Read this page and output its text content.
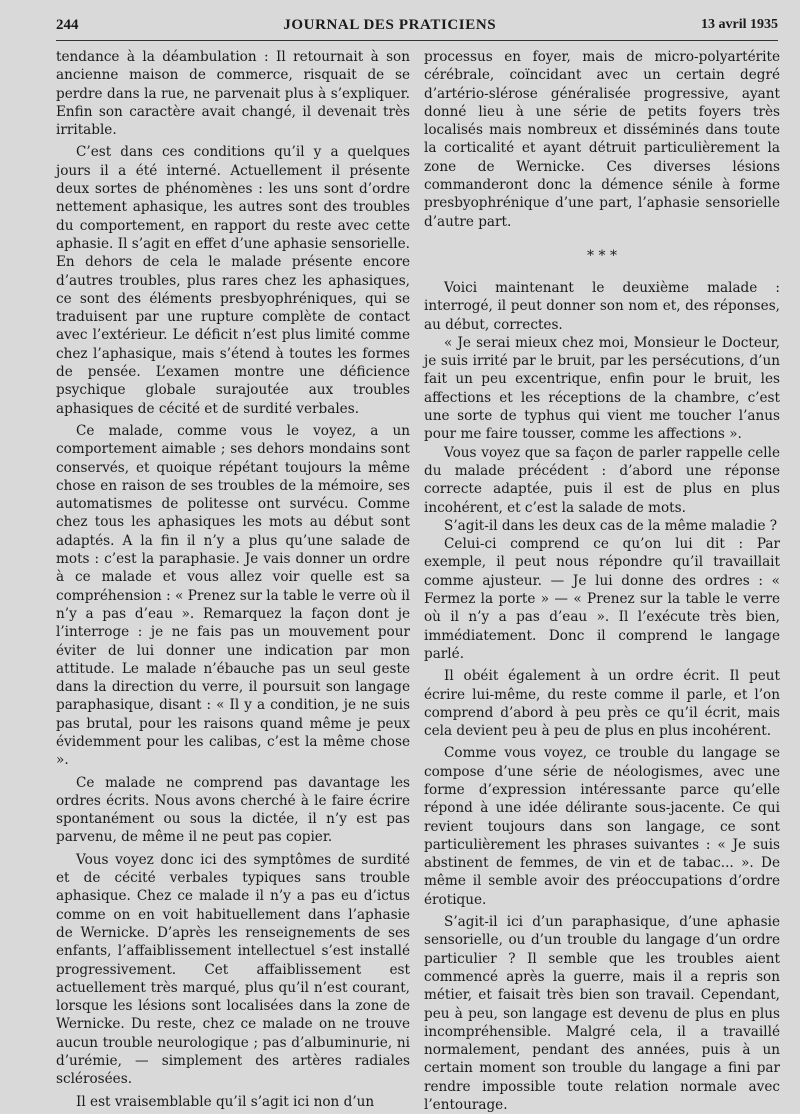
244	JOURNAL DES PRATICIENS	13 avril 1935

tendance à la déambulation : Il retournait à son ancienne maison de commerce, risquait de se perdre dans la rue, ne parvenait plus à s’expliquer. Enfin son caractère avait changé, il devenait très irritable.

C’est dans ces conditions qu’il y a quelques jours il a été interné. Actuellement il présente deux sortes de phénomènes : les uns sont d’ordre nettement aphasique, les autres sont des troubles du comportement, en rapport du reste avec cette aphasie. Il s’agit en effet d’une aphasie sensorielle. En dehors de cela le malade présente encore d’autres troubles, plus rares chez les aphasiques, ce sont des éléments presbyophréniques, qui se traduisent par une rupture complète de contact avec l’extérieur. Le déficit n’est plus limité comme chez l’aphasique, mais s’étend à toutes les formes de pensée. L’examen montre une déficience psychique globale surajoutée aux troubles aphasiques de cécité et de surdité verbales.

Ce malade, comme vous le voyez, a un comportement aimable ; ses dehors mondains sont conservés, et quoique répétant toujours la même chose en raison de ses troubles de la mémoire, ses automatismes de politesse ont survécu. Comme chez tous les aphasiques les mots au début sont adaptés. A la fin il n’y a plus qu’une salade de mots : c’est la paraphasie. Je vais donner un ordre à ce malade et vous allez voir quelle est sa compréhension : « Prenez sur la table le verre où il n’y a pas d’eau ». Remarquez la façon dont je l’interroge : je ne fais pas un mouvement pour éviter de lui donner une indication par mon attitude. Le malade n’ébauche pas un seul geste dans la direction du verre, il poursuit son langage paraphasique, disant : « Il y a condition, je ne suis pas brutal, pour les raisons quand même je peux évidemment pour les calibas, c’est la même chose ».

Ce malade ne comprend pas davantage les ordres écrits. Nous avons cherché à le faire écrire spontanément ou sous la dictée, il n’y est pas parvenu, de même il ne peut pas copier.

Vous voyez donc ici des symptômes de surdité et de cécité verbales typiques sans trouble aphasique. Chez ce malade il n’y a pas eu d’ictus comme on en voit habituellement dans l’aphasie de Wernicke. D’après les renseignements de ses enfants, l’affaiblissement intellectuel s’est installé progressivement. Cet affaiblissement est actuellement très marqué, plus qu’il n’est courant, lorsque les lésions sont localisées dans la zone de Wernicke. Du reste, chez ce malade on ne trouve aucun trouble neurologique ; pas d’albuminurie, ni d’urémie, — simplement des artères radiales sclérosées.

Il est vraisemblable qu’il s’agit ici non d’un

processus en foyer, mais de micro-polyartérite cérébrale, coïncidant avec un certain degré d’artério-slérose généralisée progressive, ayant donné lieu à une série de petits foyers très localisés mais nombreux et disséminés dans toute la corticalité et ayant détruit particulièrement la zone de Wernicke. Ces diverses lésions commanderont donc la démence sénile à forme presbyophrénique d’une part, l’aphasie sensorielle d’autre part.

* * *

Voici maintenant le deuxième malade : interrogé, il peut donner son nom et, des réponses, au début, correctes.

« Je serai mieux chez moi, Monsieur le Docteur, je suis irrité par le bruit, par les persécutions, d’un fait un peu excentrique, enfin pour le bruit, les affections et les réceptions de la chambre, c’est une sorte de typhus qui vient me toucher l’anus pour me faire tousser, comme les affections ».

Vous voyez que sa façon de parler rappelle celle du malade précédent : d’abord une réponse correcte adaptée, puis il est de plus en plus incohérent, et c’est la salade de mots.

S’agit-il dans les deux cas de la même maladie ?

Celui-ci comprend ce qu’on lui dit : Par exemple, il peut nous répondre qu’il travaillait comme ajusteur. — Je lui donne des ordres : « Fermez la porte » — « Prenez sur la table le verre où il n’y a pas d’eau ». Il l’exécute très bien, immédiatement. Donc il comprend le langage parlé.

Il obéit également à un ordre écrit. Il peut écrire lui-même, du reste comme il parle, et l’on comprend d’abord à peu près ce qu’il écrit, mais cela devient peu à peu de plus en plus incohérent.

Comme vous voyez, ce trouble du langage se compose d’une série de néologismes, avec une forme d’expression intéressante parce qu’elle répond à une idée délirante sous-jacente. Ce qui revient toujours dans son langage, ce sont particulièrement les phrases suivantes : « Je suis abstinent de femmes, de vin et de tabac... ». De même il semble avoir des préoccupations d’ordre érotique.

S’agit-il ici d’un paraphasique, d’une aphasie sensorielle, ou d’un trouble du langage d’un ordre particulier ? Il semble que les troubles aient commencé après la guerre, mais il a repris son métier, et faisait très bien son travail. Cependant, peu à peu, son langage est devenu de plus en plus incompréhensible. Malgré cela, il a travaillé normalement, pendant des années, puis à un certain moment son trouble du langage a fini par rendre impossible toute relation normale avec l’entourage.
